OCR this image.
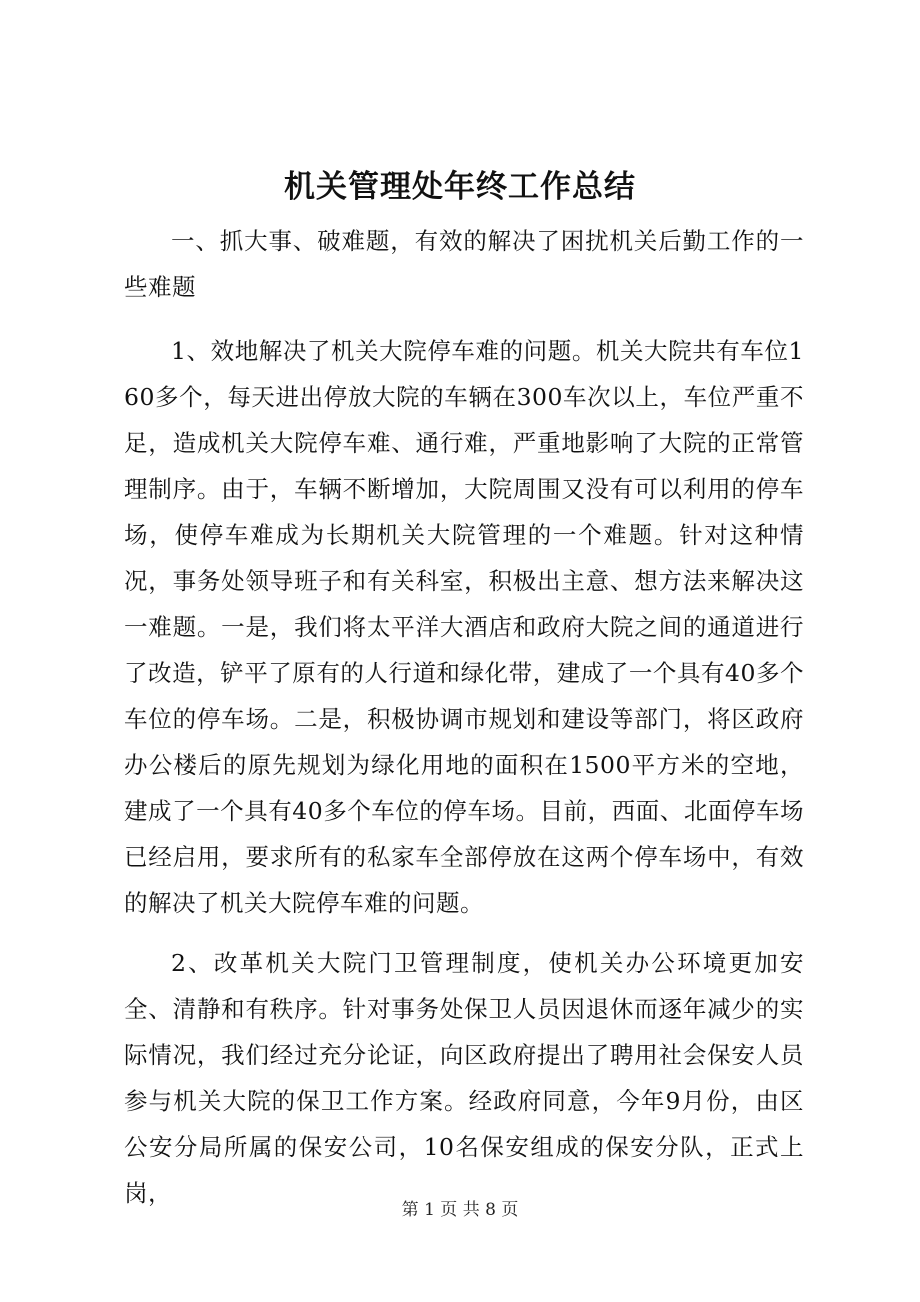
机关管理处年终工作总结

一、抓大事、破难题，有效的解决了困扰机关后勤工作的一些难题

1、效地解决了机关大院停车难的问题。机关大院共有车位160多个，每天进出停放大院的车辆在300车次以上，车位严重不足，造成机关大院停车难、通行难，严重地影响了大院的正常管理制序。由于，车辆不断增加，大院周围又没有可以利用的停车场，使停车难成为长期机关大院管理的一个难题。针对这种情况，事务处领导班子和有关科室，积极出主意、想方法来解决这一难题。一是，我们将太平洋大酒店和政府大院之间的通道进行了改造，铲平了原有的人行道和绿化带，建成了一个具有40多个车位的停车场。二是，积极协调市规划和建设等部门，将区政府办公楼后的原先规划为绿化用地的面积在1500平方米的空地，建成了一个具有40多个车位的停车场。目前，西面、北面停车场已经启用，要求所有的私家车全部停放在这两个停车场中，有效的解决了机关大院停车难的问题。

2、改革机关大院门卫管理制度，使机关办公环境更加安全、清静和有秩序。针对事务处保卫人员因退休而逐年减少的实际情况，我们经过充分论证，向区政府提出了聘用社会保安人员参与机关大院的保卫工作方案。经政府同意，今年9月份，由区公安分局所属的保安公司，10名保安组成的保安分队，正式上岗，

第 1 页 共 8 页
